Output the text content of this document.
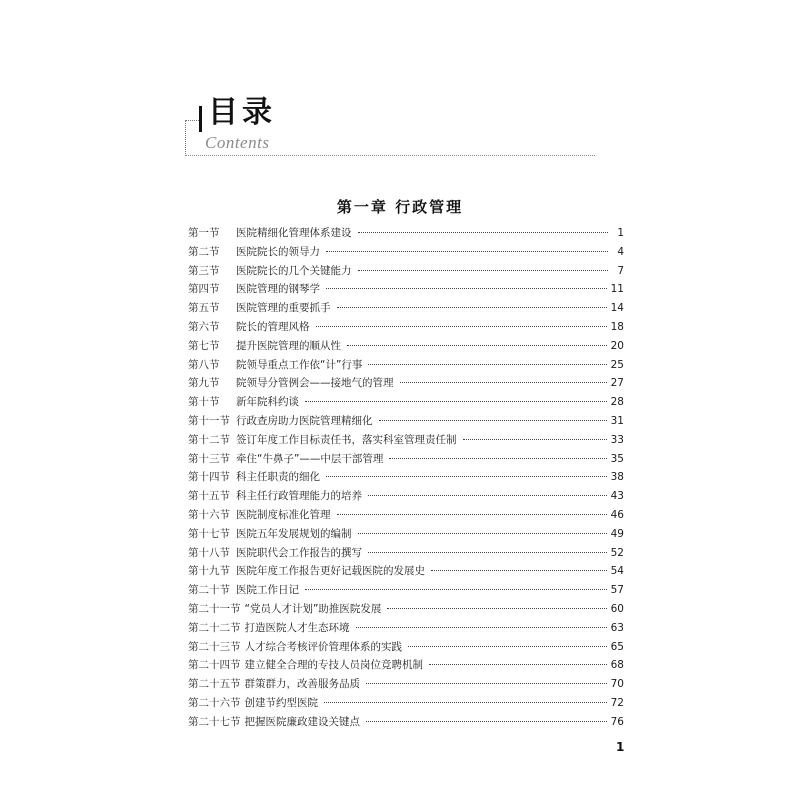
目录
Contents
第一章 行政管理
第一节	医院精细化管理体系建设	1
第二节	医院院长的领导力	4
第三节	医院院长的几个关键能力	7
第四节	医院管理的钢琴学	11
第五节	医院管理的重要抓手	14
第六节	院长的管理风格	18
第七节	提升医院管理的顺从性	20
第八节	院领导重点工作依“计”行事	25
第九节	院领导分管例会——接地气的管理	27
第十节	新年院科约谈	28
第十一节 行政查房助力医院管理精细化	31
第十二节 签订年度工作目标责任书，落实科室管理责任制	33
第十三节 牵住“牛鼻子”——中层干部管理	35
第十四节 科主任职责的细化	38
第十五节 科主任行政管理能力的培养	43
第十六节 医院制度标准化管理	46
第十七节 医院五年发展规划的编制	49
第十八节 医院职代会工作报告的撰写	52
第十九节 医院年度工作报告更好记载医院的发展史	54
第二十节 医院工作日记	57
第二十一节 “党员人才计划”助推医院发展	60
第二十二节 打造医院人才生态环境	63
第二十三节 人才综合考核评价管理体系的实践	65
第二十四节 建立健全合理的专技人员岗位竞聘机制	68
第二十五节 群策群力，改善服务品质	70
第二十六节 创建节约型医院	72
第二十七节 把握医院廉政建设关键点	76
1
